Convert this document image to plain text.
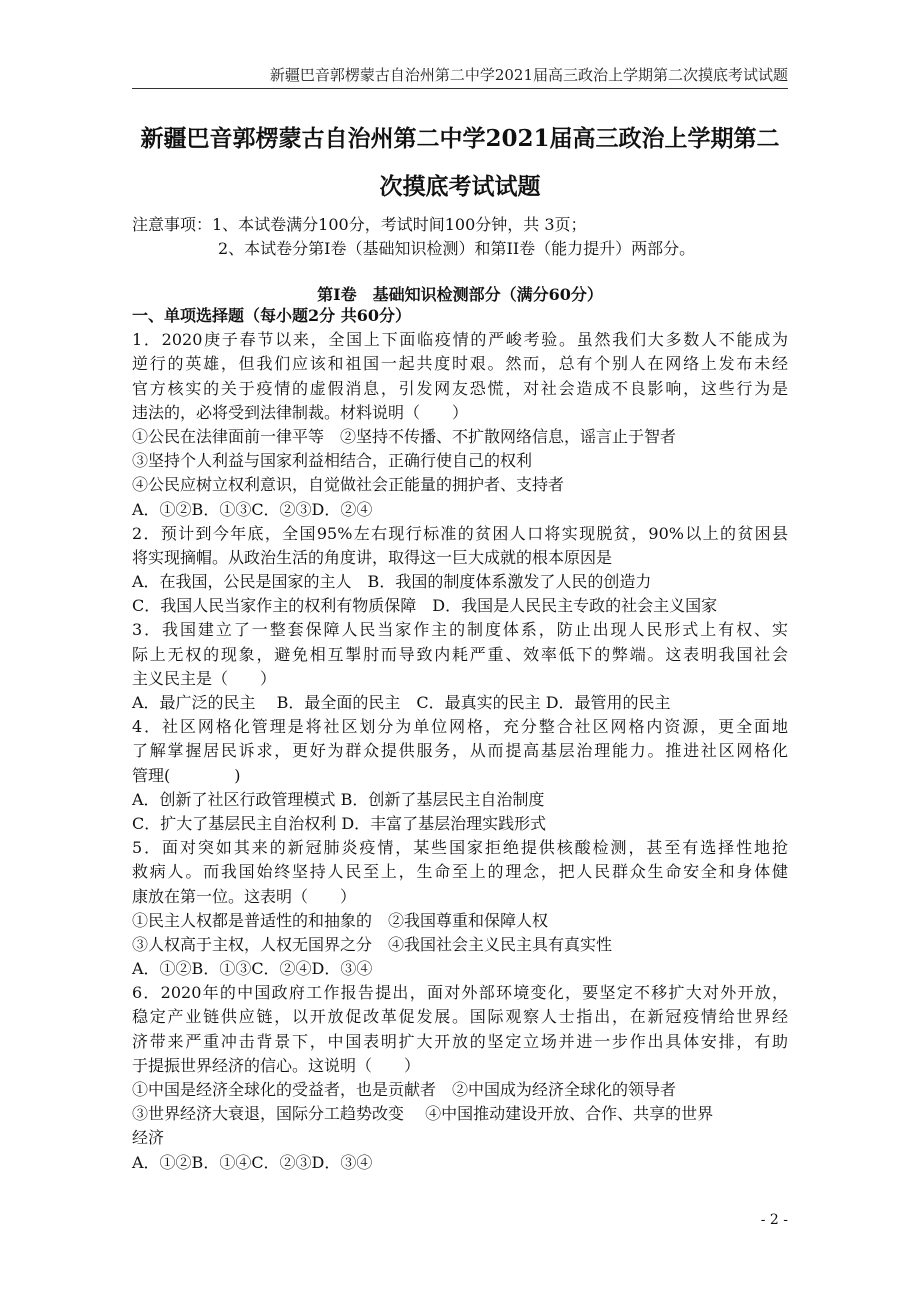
新疆巴音郭楞蒙古自治州第二中学2021届高三政治上学期第二次摸底考试试题
新疆巴音郭楞蒙古自治州第二中学2021届高三政治上学期第二
次摸底考试试题
注意事项：1、本试卷满分100分，考试时间100分钟，共 3页；
2、本试卷分第Ⅰ卷（基础知识检测）和第II卷（能力提升）两部分。
第Ⅰ卷　基础知识检测部分（满分60分）
一、单项选择题（每小题2分 共60分）
1．2020庚子春节以来，全国上下面临疫情的严峻考验。虽然我们大多数人不能成为
逆行的英雄，但我们应该和祖国一起共度时艰。然而，总有个别人在网络上发布未经
官方核实的关于疫情的虚假消息，引发网友恐慌，对社会造成不良影响，这些行为是
违法的，必将受到法律制裁。材料说明（　　）
①公民在法律面前一律平等　②坚持不传播、不扩散网络信息，谣言止于智者
③坚持个人利益与国家利益相结合，正确行使自己的权利
④公民应树立权利意识，自觉做社会正能量的拥护者、支持者
A．①②B．①③C．②③D．②④
2．预计到今年底，全国95%左右现行标准的贫困人口将实现脱贫，90%以上的贫困县
将实现摘帽。从政治生活的角度讲，取得这一巨大成就的根本原因是
A．在我国，公民是国家的主人　B．我国的制度体系激发了人民的创造力
C．我国人民当家作主的权利有物质保障　D．我国是人民民主专政的社会主义国家
3．我国建立了一整套保障人民当家作主的制度体系，防止出现人民形式上有权、实
际上无权的现象，避免相互掣肘而导致内耗严重、效率低下的弊端。这表明我国社会
主义民主是（　　）
A．最广泛的民主　 B．最全面的民主　C．最真实的民主 D．最管用的民主
4．社区网格化管理是将社区划分为单位网格，充分整合社区网格内资源，更全面地
了解掌握居民诉求，更好为群众提供服务，从而提高基层治理能力。推进社区网格化
管理(　　　　)
A．创新了社区行政管理模式 B．创新了基层民主自治制度
C．扩大了基层民主自治权利 D．丰富了基层治理实践形式
5．面对突如其来的新冠肺炎疫情，某些国家拒绝提供核酸检测，甚至有选择性地抢
救病人。而我国始终坚持人民至上，生命至上的理念，把人民群众生命安全和身体健
康放在第一位。这表明（　　）
①民主人权都是普适性的和抽象的　②我国尊重和保障人权
③人权高于主权，人权无国界之分　④我国社会主义民主具有真实性
A．①②B．①③C．②④D．③④
6．2020年的中国政府工作报告提出，面对外部环境变化，要坚定不移扩大对外开放，
稳定产业链供应链，以开放促改革促发展。国际观察人士指出，在新冠疫情给世界经
济带来严重冲击背景下，中国表明扩大开放的坚定立场并进一步作出具体安排，有助
于提振世界经济的信心。这说明（　　）
①中国是经济全球化的受益者，也是贡献者　②中国成为经济全球化的领导者
③世界经济大衰退，国际分工趋势改变　 ④中国推动建设开放、合作、共享的世界
经济
A．①②B．①④C．②③D．③④
- 2 -
